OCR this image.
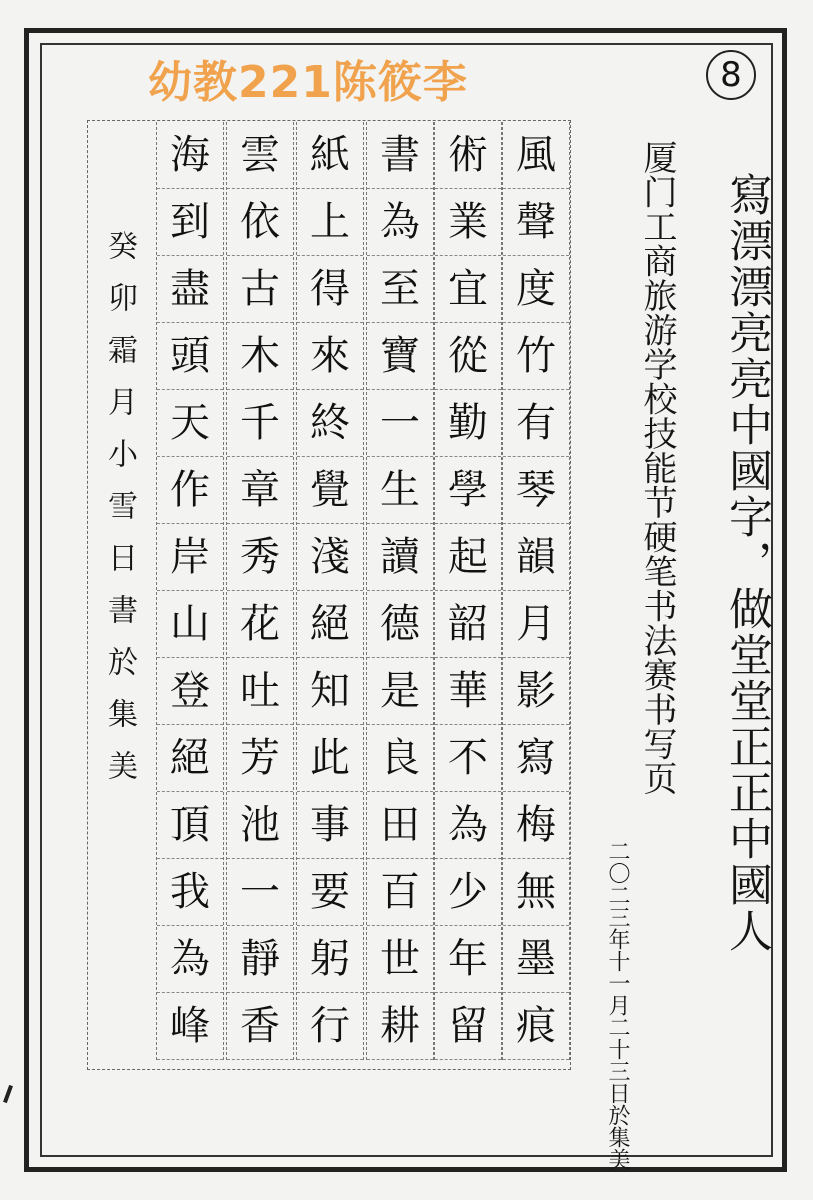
幼教221陈筱李	8
風
聲
度
竹
有
琴
韻
月
影
寫
梅
無
墨
痕
術
業
宜
從
勤
學
起
韶
華
不
為
少
年
留
書
為
至
寶
一
生
讀
德
是
良
田
百
世
耕
紙
上
得
來
終
覺
淺
絕
知
此
事
要
躬
行
雲
依
古
木
千
章
秀
花
吐
芳
池
一
靜
香
海
到
盡
頭
天
作
岸
山
登
絕
頂
我
為
峰
癸卯霜月小雪日書於集美	寫漂漂亮亮中國字，做堂堂正正中國人
厦门工商旅游学校技能节硬笔书法赛书写页
二〇二三年十一月二十三日於集美
